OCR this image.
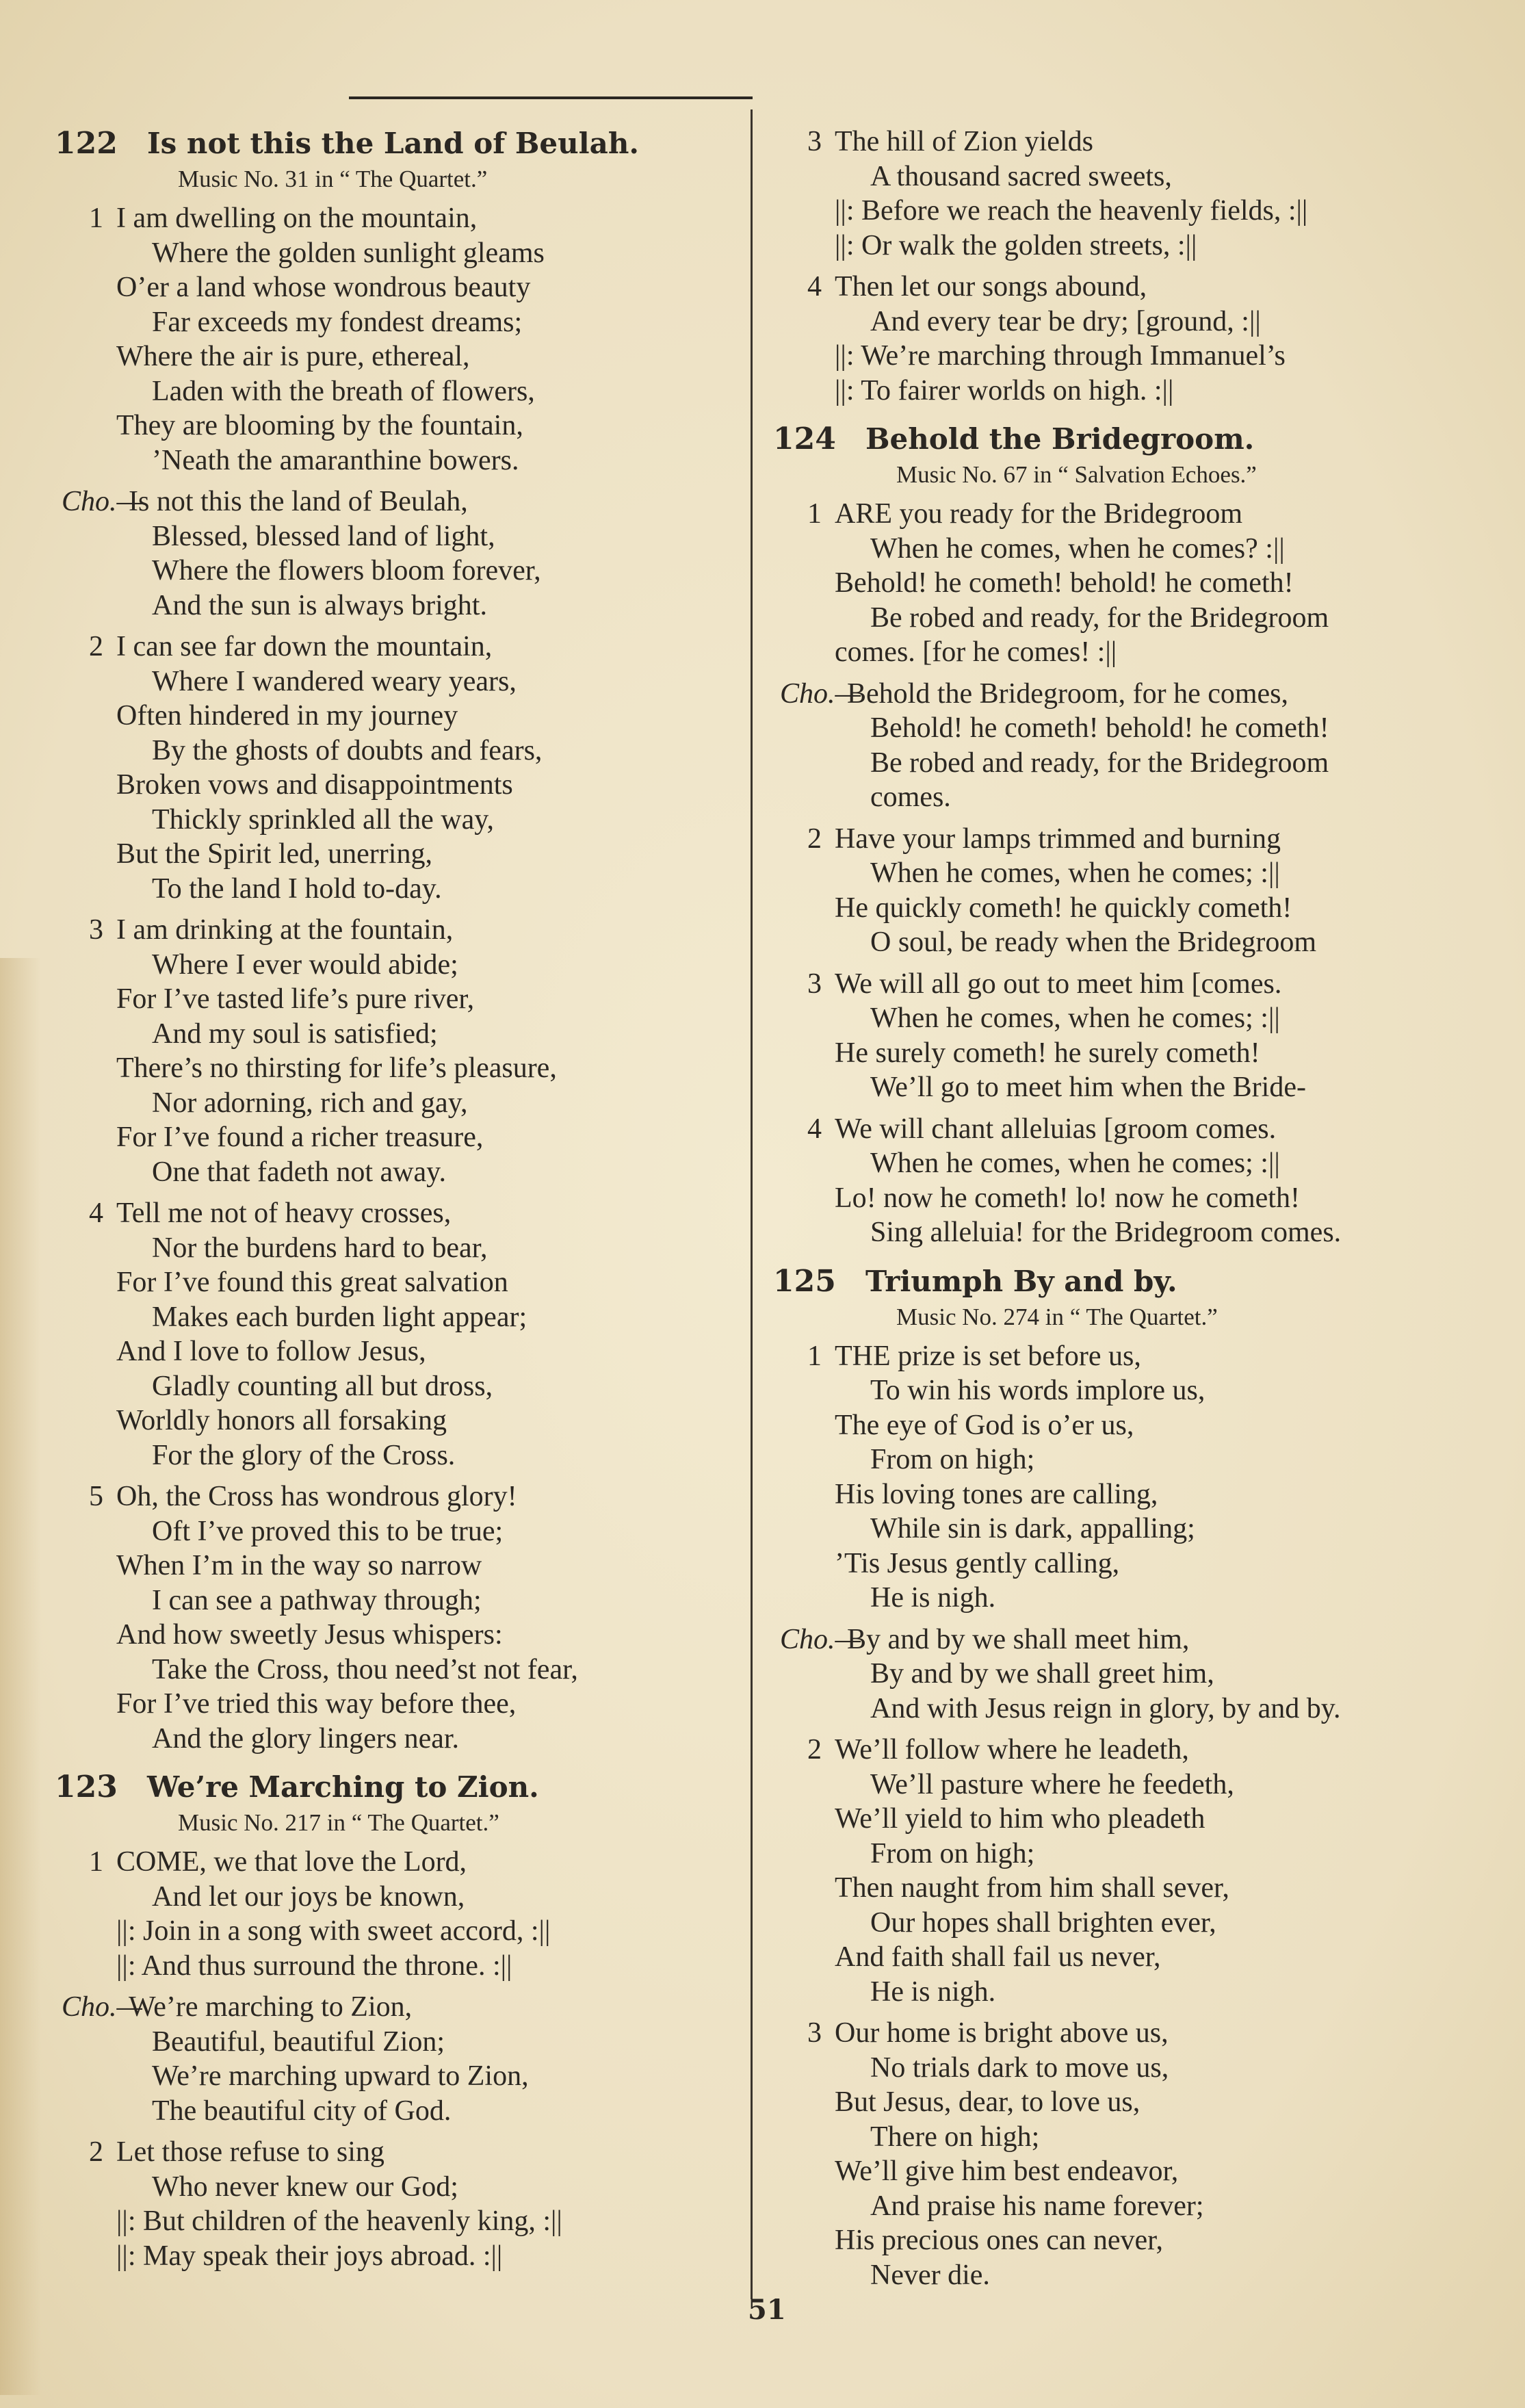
122	Is not this the Land of Beulah.
Music No. 31 in “ The Quartet.”
1 I am dwelling on the mountain,
Where the golden sunlight gleams
O’er a land whose wondrous beauty
Far exceeds my fondest dreams;
Where the air is pure, ethereal,
Laden with the breath of flowers,
They are blooming by the fountain,
’Neath the amaranthine bowers.
Cho.—
Is not this the land of Beulah,
Blessed, blessed land of light,
Where the flowers bloom forever,
And the sun is always bright.
2 I can see far down the mountain,
Where I wandered weary years,
Often hindered in my journey
By the ghosts of doubts and fears,
Broken vows and disappointments
Thickly sprinkled all the way,
But the Spirit led, unerring,
To the land I hold to-day.
3 I am drinking at the fountain,
Where I ever would abide;
For I’ve tasted life’s pure river,
And my soul is satisfied;
There’s no thirsting for life’s pleasure,
Nor adorning, rich and gay,
For I’ve found a richer treasure,
One that fadeth not away.
4 Tell me not of heavy crosses,
Nor the burdens hard to bear,
For I’ve found this great salvation
Makes each burden light appear;
And I love to follow Jesus,
Gladly counting all but dross,
Worldly honors all forsaking
For the glory of the Cross.
5 Oh, the Cross has wondrous glory!
Oft I’ve proved this to be true;
When I’m in the way so narrow
I can see a pathway through;
And how sweetly Jesus whispers:
Take the Cross, thou need’st not fear,
For I’ve tried this way before thee,
And the glory lingers near.
123	We’re Marching to Zion.
Music No. 217 in “ The Quartet.”
1 COME, we that love the Lord,
And let our joys be known,
||: Join in a song with sweet accord, :||
||: And thus surround the throne. :||
Cho.—
We’re marching to Zion,
Beautiful, beautiful Zion;
We’re marching upward to Zion,
The beautiful city of God.
2 Let those refuse to sing
Who never knew our God;
||: But children of the heavenly king, :||
||: May speak their joys abroad. :||
3 The hill of Zion yields
A thousand sacred sweets,
||: Before we reach the heavenly fields, :||
||: Or walk the golden streets, :||
4 Then let our songs abound,
And every tear be dry; [ground, :||
||: We’re marching through Immanuel’s
||: To fairer worlds on high. :||
124	Behold the Bridegroom.
Music No. 67 in “ Salvation Echoes.”
1 ARE you ready for the Bridegroom
When he comes, when he comes? :||
Behold! he cometh! behold! he cometh!
Be robed and ready, for the Bridegroom
comes. [for he comes! :||
Cho.—
Behold the Bridegroom, for he comes,
Behold! he cometh! behold! he cometh!
Be robed and ready, for the Bridegroom
comes.
2 Have your lamps trimmed and burning
When he comes, when he comes; :||
He quickly cometh! he quickly cometh!
O soul, be ready when the Bridegroom
3 We will all go out to meet him [comes.
When he comes, when he comes; :||
He surely cometh! he surely cometh!
We’ll go to meet him when the Bride-
4 We will chant alleluias [groom comes.
When he comes, when he comes; :||
Lo! now he cometh! lo! now he cometh!
Sing alleluia! for the Bridegroom comes.
125	Triumph By and by.
Music No. 274 in “ The Quartet.”
1 THE prize is set before us,
To win his words implore us,
The eye of God is o’er us,
From on high;
His loving tones are calling,
While sin is dark, appalling;
’Tis Jesus gently calling,
He is nigh.
Cho.—
By and by we shall meet him,
By and by we shall greet him,
And with Jesus reign in glory, by and by.
2 We’ll follow where he leadeth,
We’ll pasture where he feedeth,
We’ll yield to him who pleadeth
From on high;
Then naught from him shall sever,
Our hopes shall brighten ever,
And faith shall fail us never,
He is nigh.
3 Our home is bright above us,
No trials dark to move us,
But Jesus, dear, to love us,
There on high;
We’ll give him best endeavor,
And praise his name forever;
His precious ones can never,
Never die.
51
